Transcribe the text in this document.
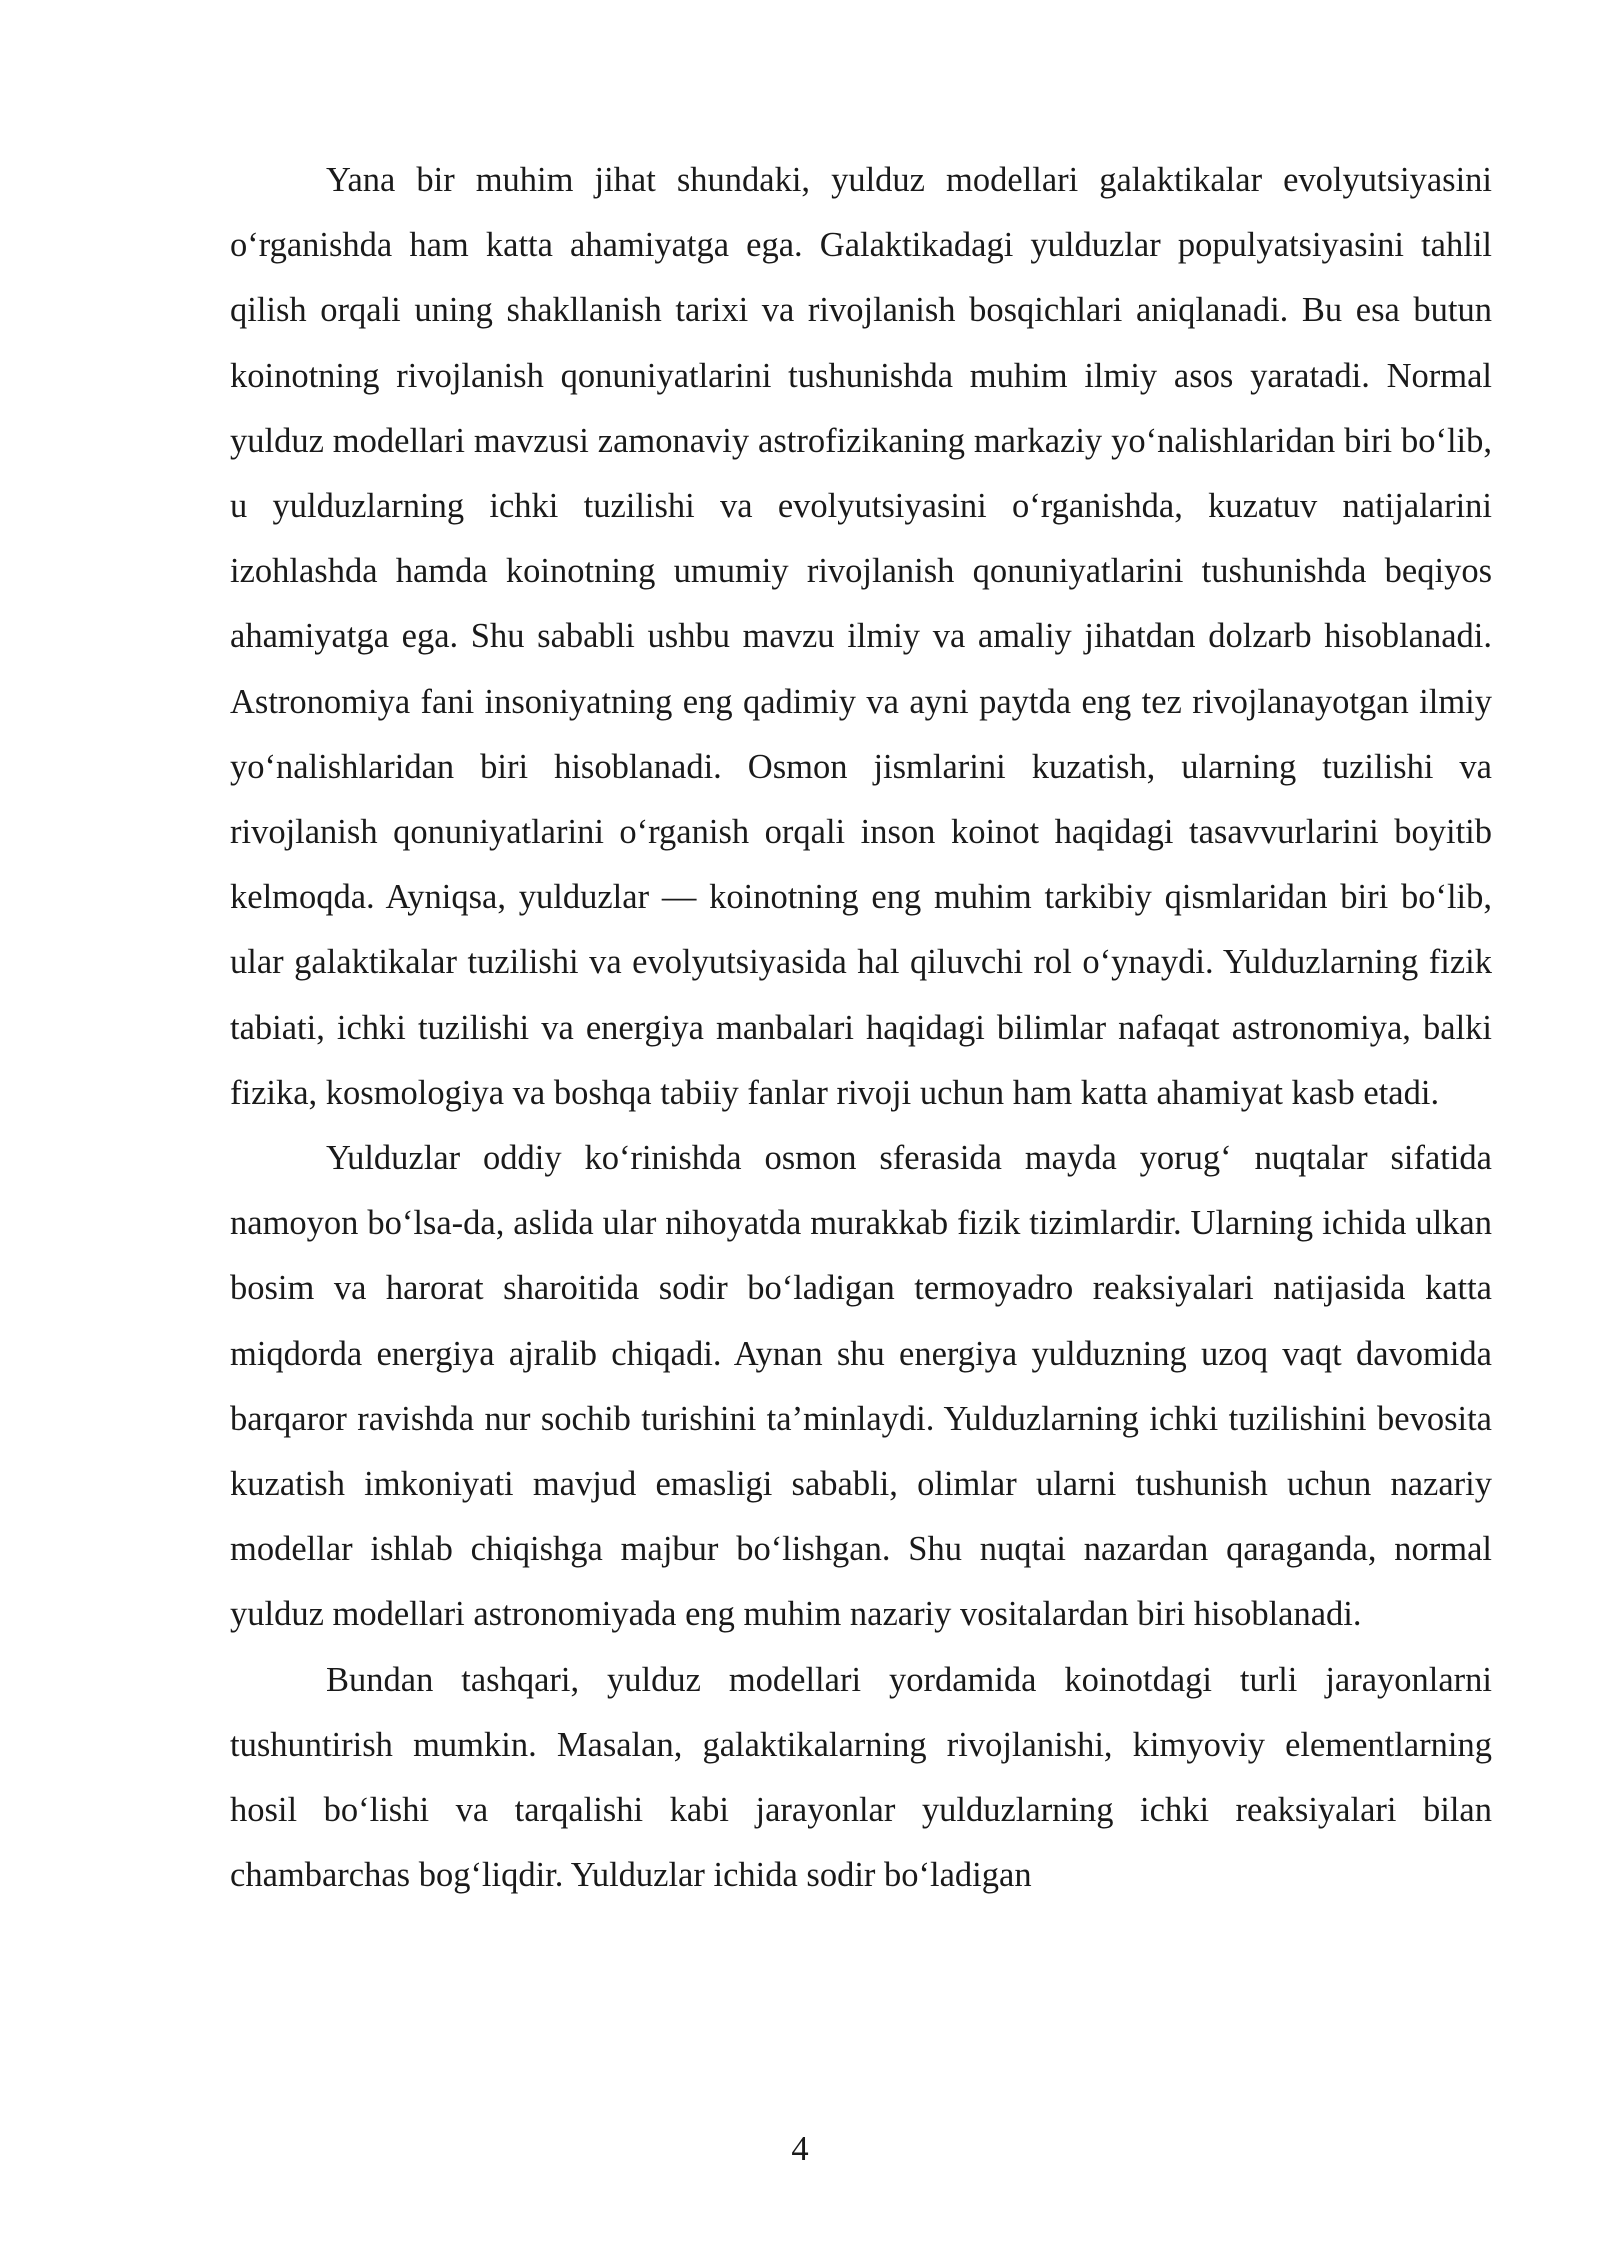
Yana bir muhim jihat shundaki, yulduz modellari galaktikalar evolyutsiyasini o‘rganishda ham katta ahamiyatga ega. Galaktikadagi yulduzlar populyatsiyasini tahlil qilish orqali uning shakllanish tarixi va rivojlanish bosqichlari aniqlanadi. Bu esa butun koinotning rivojlanish qonuniyatlarini tushunishda muhim ilmiy asos yaratadi. Normal yulduz modellari mavzusi zamonaviy astrofizikaning markaziy yo‘nalishlaridan biri bo‘lib, u yulduzlarning ichki tuzilishi va evolyutsiyasini o‘rganishda, kuzatuv natijalarini izohlashda hamda koinotning umumiy rivojlanish qonuniyatlarini tushunishda beqiyos ahamiyatga ega. Shu sababli ushbu mavzu ilmiy va amaliy jihatdan dolzarb hisoblanadi. Astronomiya fani insoniyatning eng qadimiy va ayni paytda eng tez rivojlanayotgan ilmiy yo‘nalishlaridan biri hisoblanadi. Osmon jismlarini kuzatish, ularning tuzilishi va rivojlanish qonuniyatlarini o‘rganish orqali inson koinot haqidagi tasavvurlarini boyitib kelmoqda. Ayniqsa, yulduzlar — koinotning eng muhim tarkibiy qismlaridan biri bo‘lib, ular galaktikalar tuzilishi va evolyutsiyasida hal qiluvchi rol o‘ynaydi. Yulduzlarning fizik tabiati, ichki tuzilishi va energiya manbalari haqidagi bilimlar nafaqat astronomiya, balki fizika, kosmologiya va boshqa tabiiy fanlar rivoji uchun ham katta ahamiyat kasb etadi.

Yulduzlar oddiy ko‘rinishda osmon sferasida mayda yorug‘ nuqtalar sifatida namoyon bo‘lsa-da, aslida ular nihoyatda murakkab fizik tizimlardir. Ularning ichida ulkan bosim va harorat sharoitida sodir bo‘ladigan termoyadro reaksiyalari natijasida katta miqdorda energiya ajralib chiqadi. Aynan shu energiya yulduzning uzoq vaqt davomida barqaror ravishda nur sochib turishini ta’minlaydi. Yulduzlarning ichki tuzilishini bevosita kuzatish imkoniyati mavjud emasligi sababli, olimlar ularni tushunish uchun nazariy modellar ishlab chiqishga majbur bo‘lishgan. Shu nuqtai nazardan qaraganda, normal yulduz modellari astronomiyada eng muhim nazariy vositalardan biri hisoblanadi.

Bundan tashqari, yulduz modellari yordamida koinotdagi turli jarayonlarni tushuntirish mumkin. Masalan, galaktikalarning rivojlanishi, kimyoviy elementlarning hosil bo‘lishi va tarqalishi kabi jarayonlar yulduzlarning ichki reaksiyalari bilan chambarchas bog‘liqdir. Yulduzlar ichida sodir bo‘ladigan

4
